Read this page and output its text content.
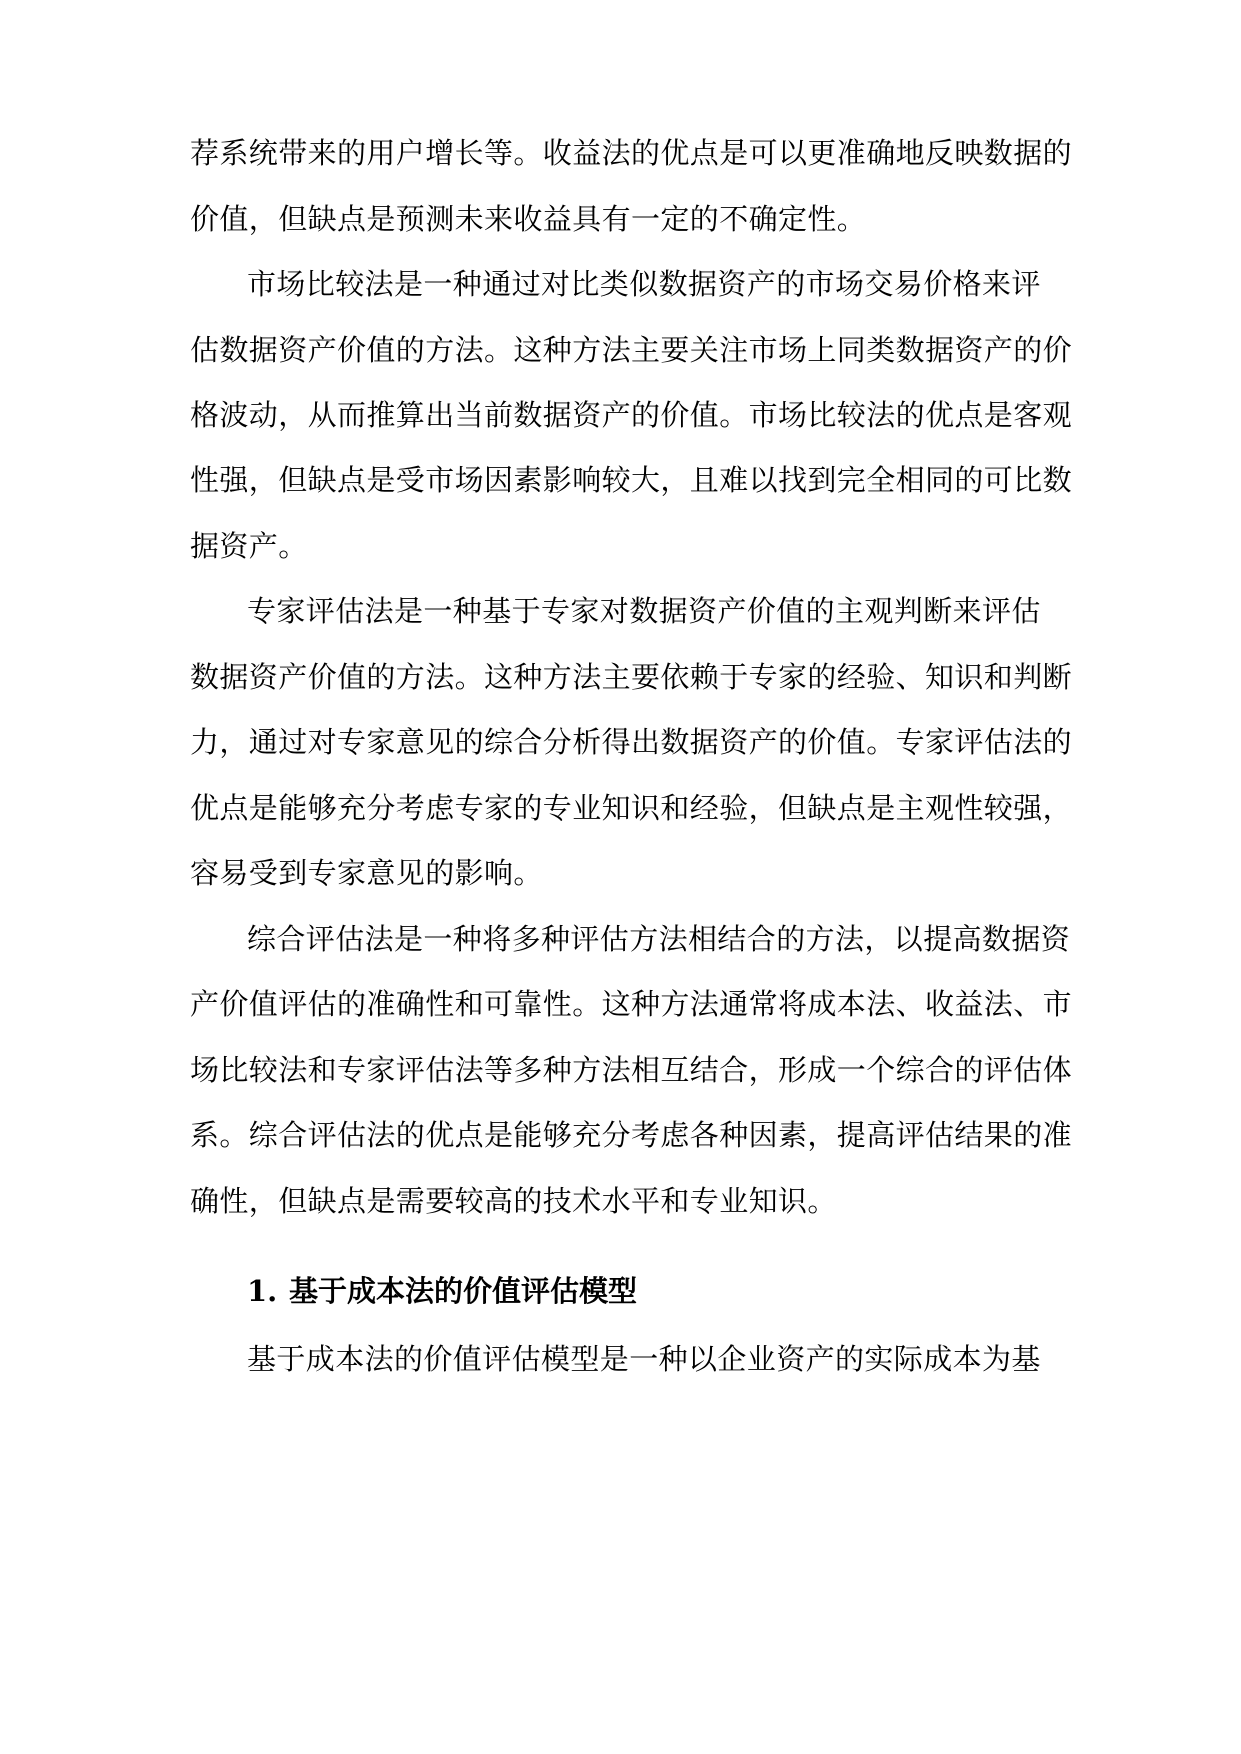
荐系统带来的用户增长等。收益法的优点是可以更准确地反映数据的
价值，但缺点是预测未来收益具有一定的不确定性。
市场比较法是一种通过对比类似数据资产的市场交易价格来评
估数据资产价值的方法。这种方法主要关注市场上同类数据资产的价
格波动，从而推算出当前数据资产的价值。市场比较法的优点是客观
性强，但缺点是受市场因素影响较大，且难以找到完全相同的可比数
据资产。
专家评估法是一种基于专家对数据资产价值的主观判断来评估
数据资产价值的方法。这种方法主要依赖于专家的经验、知识和判断
力，通过对专家意见的综合分析得出数据资产的价值。专家评估法的
优点是能够充分考虑专家的专业知识和经验，但缺点是主观性较强，
容易受到专家意见的影响。
综合评估法是一种将多种评估方法相结合的方法，以提高数据资
产价值评估的准确性和可靠性。这种方法通常将成本法、收益法、市
场比较法和专家评估法等多种方法相互结合，形成一个综合的评估体
系。综合评估法的优点是能够充分考虑各种因素，提高评估结果的准
确性，但缺点是需要较高的技术水平和专业知识。
1. 基于成本法的价值评估模型
基于成本法的价值评估模型是一种以企业资产的实际成本为基
